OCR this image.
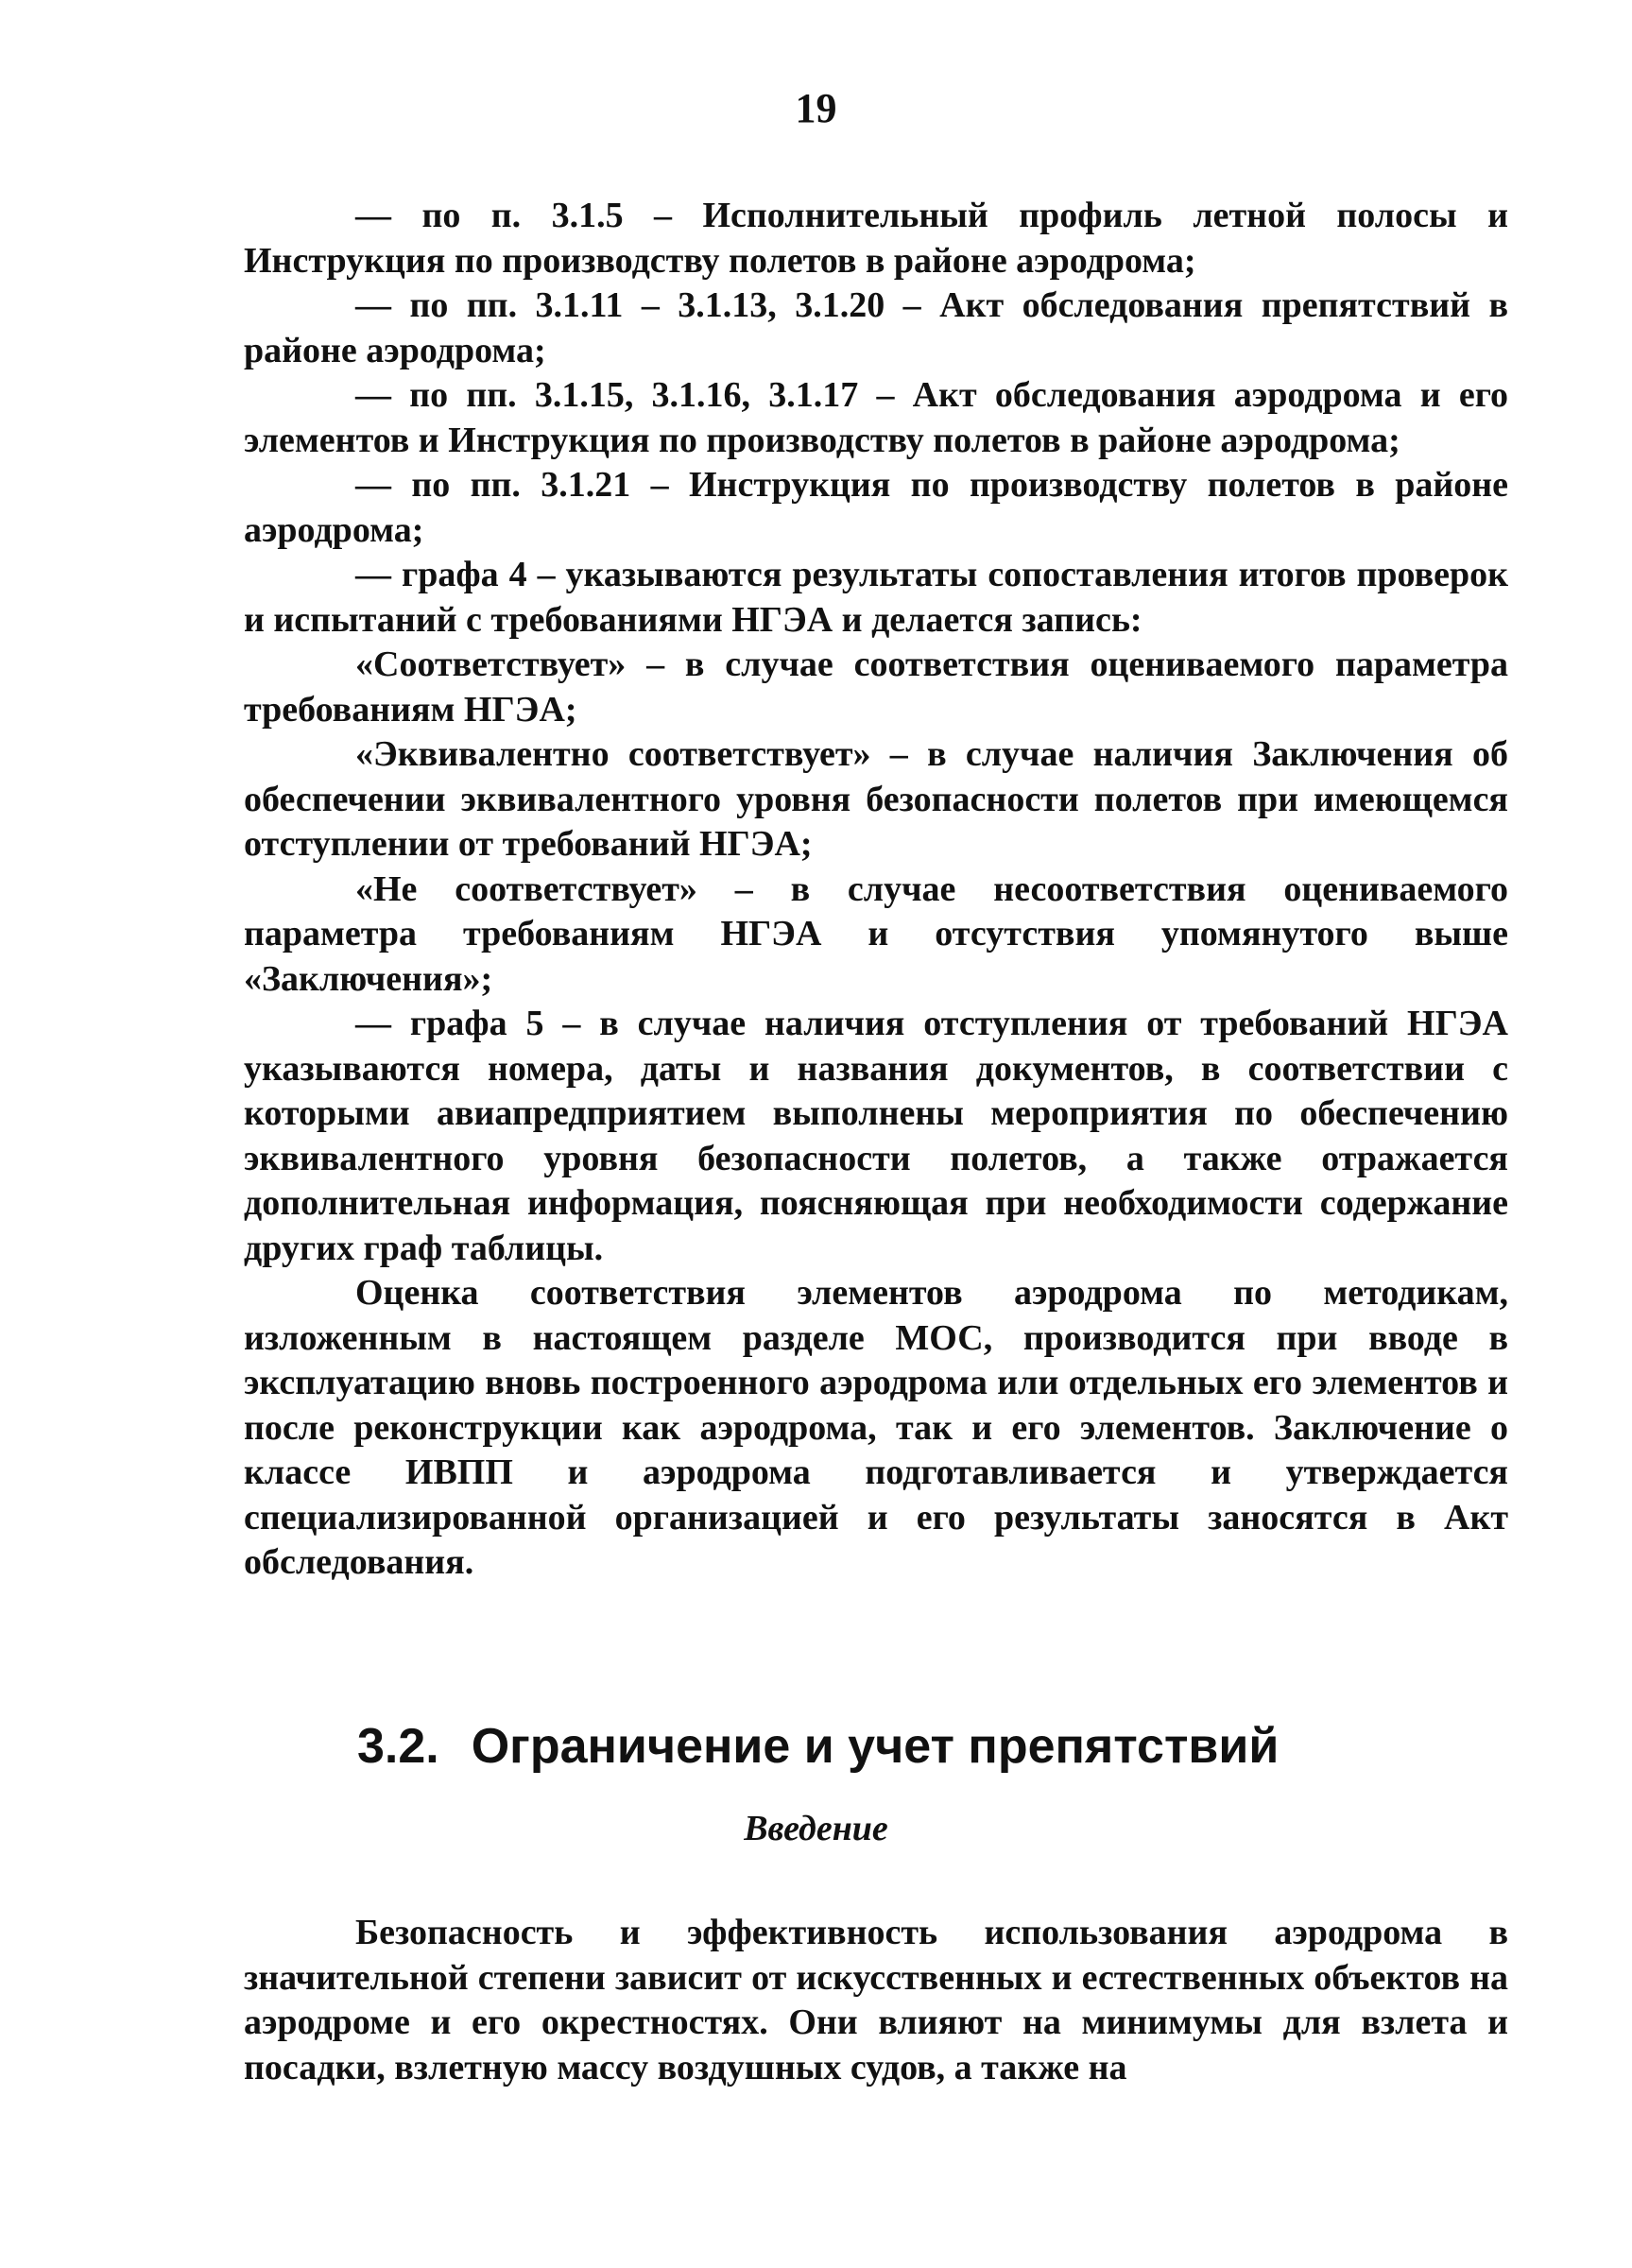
19

— по п. 3.1.5 – Исполнительный профиль летной полосы и Инструкция по производству полетов в районе аэродрома;

— по пп. 3.1.11 – 3.1.13, 3.1.20 – Акт обследования препятствий в районе аэродрома;

— по пп. 3.1.15, 3.1.16, 3.1.17 – Акт обследования аэродрома и его элементов и Инструкция по производству полетов в районе аэродрома;

— по пп. 3.1.21 – Инструкция по производству полетов в районе аэродрома;

— графа 4 – указываются результаты сопоставления итогов проверок и испытаний с требованиями НГЭА и делается запись:

«Соответствует» – в случае соответствия оцениваемого параметра требованиям НГЭА;

«Эквивалентно соответствует» – в случае наличия Заключения об обеспечении эквивалентного уровня безопасности полетов при имеющемся отступлении от требований НГЭА;

«Не соответствует» – в случае несоответствия оцениваемого параметра требованиям НГЭА и отсутствия упомянутого выше «Заключения»;

— графа 5 – в случае наличия отступления от требований НГЭА указываются номера, даты и названия документов, в соответствии с которыми авиапредприятием выполнены мероприятия по обеспечению эквивалентного уровня безопасности полетов, а также отражается дополнительная информация, поясняющая при необходимости содержание других граф таблицы.

Оценка соответствия элементов аэродрома по методикам, изложенным в настоящем разделе МОС, производится при вводе в эксплуатацию вновь построенного аэродрома или отдельных его элементов и после реконструкции как аэродрома, так и его элементов. Заключение о классе ИВПП и аэродрома подготавливается и утверждается специализированной организацией и его результаты заносятся в Акт обследования.

3.2. Ограничение и учет препятствий

Введение

Безопасность и эффективность использования аэродрома в значительной степени зависит от искусственных и естественных объектов на аэродроме и его окрестностях. Они влияют на минимумы для взлета и посадки, взлетную массу воздушных судов, а также на
